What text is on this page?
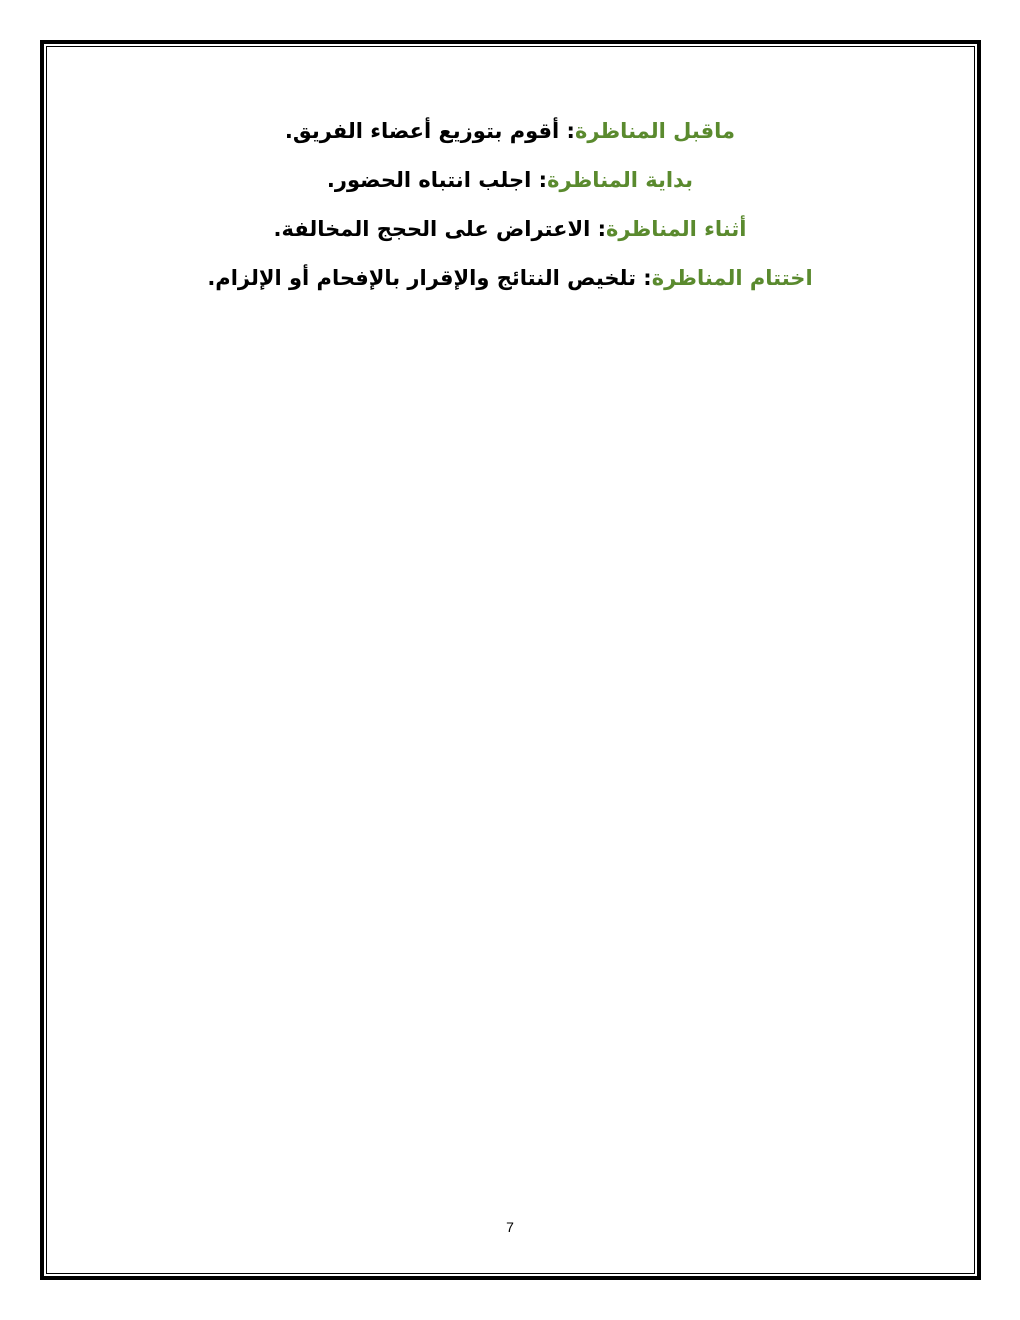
ماقبل المناظرة: أقوم بتوزيع أعضاء الفريق.
بداية المناظرة: اجلب انتباه الحضور.
أثناء المناظرة: الاعتراض على الحجج المخالفة.
اختتام المناظرة: تلخيص النتائج والإقرار بالإفحام أو الإلزام.
7
